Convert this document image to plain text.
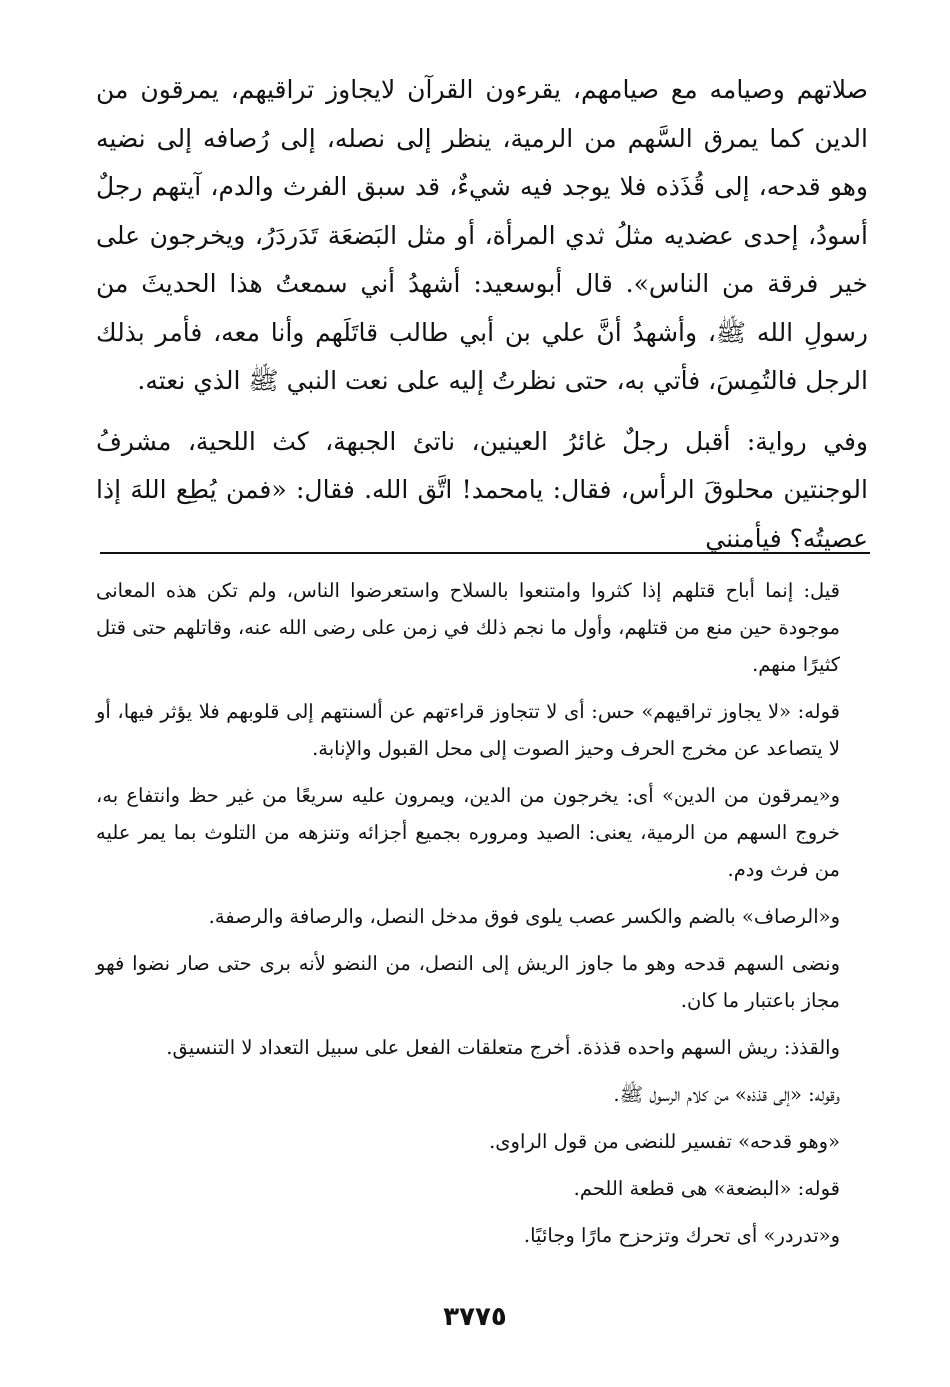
صلاتهم وصيامه مع صيامهم، يقرءون القرآن لايجاوز تراقيهم، يمرقون من الدين كما يمرق السَّهم من الرمية، ينظر إلى نصله، إلى رُصافه إلى نضيه وهو قدحه، إلى قُذَذه فلا يوجد فيه شيءٌ، قد سبق الفرث والدم، آيتهم رجلٌ أسودُ، إحدى عضديه مثلُ ثدي المرأة، أو مثل البَضعَة تَدَردَرُ، ويخرجون على خير فرقة من الناس». قال أبوسعيد: أشهدُ أني سمعتُ هذا الحديثَ من رسولِ الله ﷺ، وأشهدُ أنَّ علي بن أبي طالب قاتَلَهم وأنا معه، فأمر بذلك الرجل فالتُمِسَ، فأتي به، حتى نظرتُ إليه على نعت النبي ﷺ الذي نعته.

وفي رواية: أقبل رجلٌ غائرُ العينين، ناتئ الجبهة، كث اللحية، مشرفُ الوجنتين محلوقَ الرأس، فقال: يامحمد! اتَّق الله. فقال: «فمن يُطِع اللهَ إذا عصيتُه؟ فيأمنني

قيل: إنما أباح قتلهم إذا كثروا وامتنعوا بالسلاح واستعرضوا الناس، ولم تكن هذه المعانى موجودة حين منع من قتلهم، وأول ما نجم ذلك في زمن على رضى الله عنه، وقاتلهم حتى قتل كثيرًا منهم.

قوله: «لا يجاوز تراقيهم» حس: أى لا تتجاوز قراءتهم عن ألسنتهم إلى قلوبهم فلا يؤثر فيها، أو لا يتصاعد عن مخرج الحرف وحيز الصوت إلى محل القبول والإنابة.

و«يمرقون من الدين» أى: يخرجون من الدين، ويمرون عليه سريعًا من غير حظ وانتفاع به، خروج السهم من الرمية، يعنى: الصيد ومروره بجميع أجزائه وتنزهه من التلوث بما يمر عليه من فرث ودم.

و«الرصاف» بالضم والكسر عصب يلوى فوق مدخل النصل، والرصافة والرصفة.

ونضى السهم قدحه وهو ما جاوز الريش إلى النصل، من النضو لأنه برى حتى صار نضوا فهو مجاز باعتبار ما كان.

والقذذ: ريش السهم واحده قذذة. أخرج متعلقات الفعل على سبيل التعداد لا التنسيق.

وقوله: «إلى قذذه» من كلام الرسول ﷺ.

«وهو قدحه» تفسير للنضى من قول الراوى.

قوله: «البضعة» هى قطعة اللحم.

و«تدردر» أى تحرك وتزحزح مارًا وجائيًا.

٣٧٧٥
